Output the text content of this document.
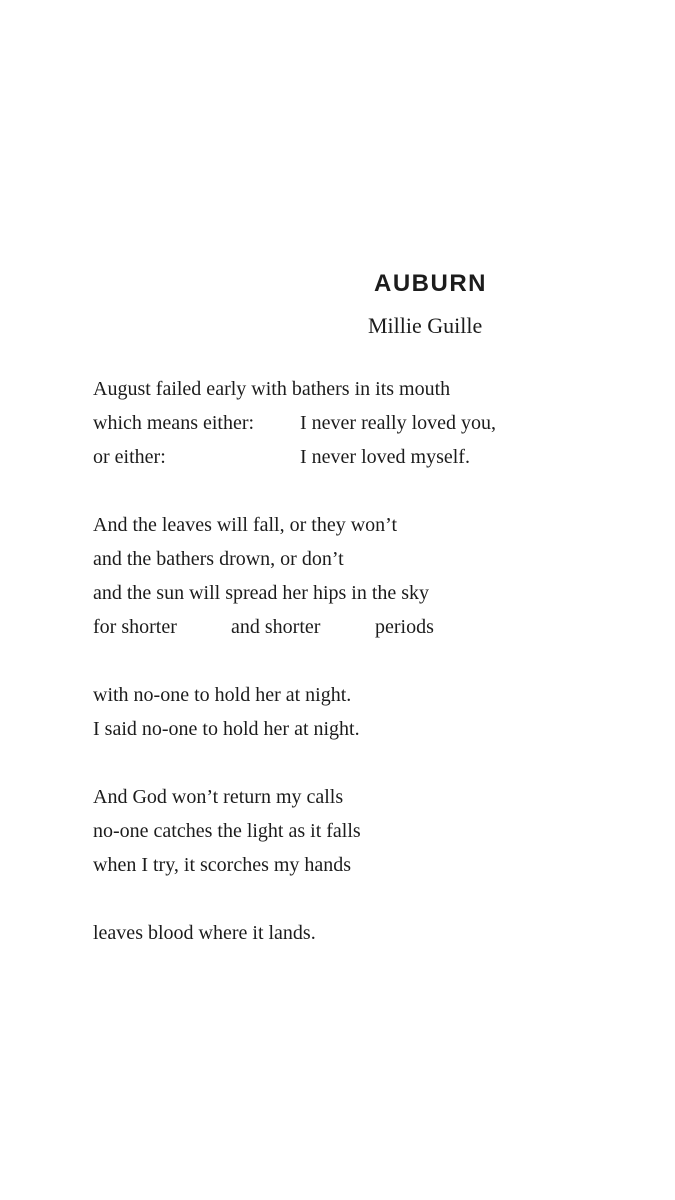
AUBURN
Millie Guille
August failed early with bathers in its mouth
which means either: I never really loved you,
or either:	I never loved myself.
And the leaves will fall, or they won’t
and the bathers drown, or don’t
and the sun will spread her hips in the sky
for shorter	and shorter	periods
with no-one to hold her at night.
I said no-one to hold her at night.
And God won’t return my calls
no-one catches the light as it falls
when I try, it scorches my hands
leaves blood where it lands.
